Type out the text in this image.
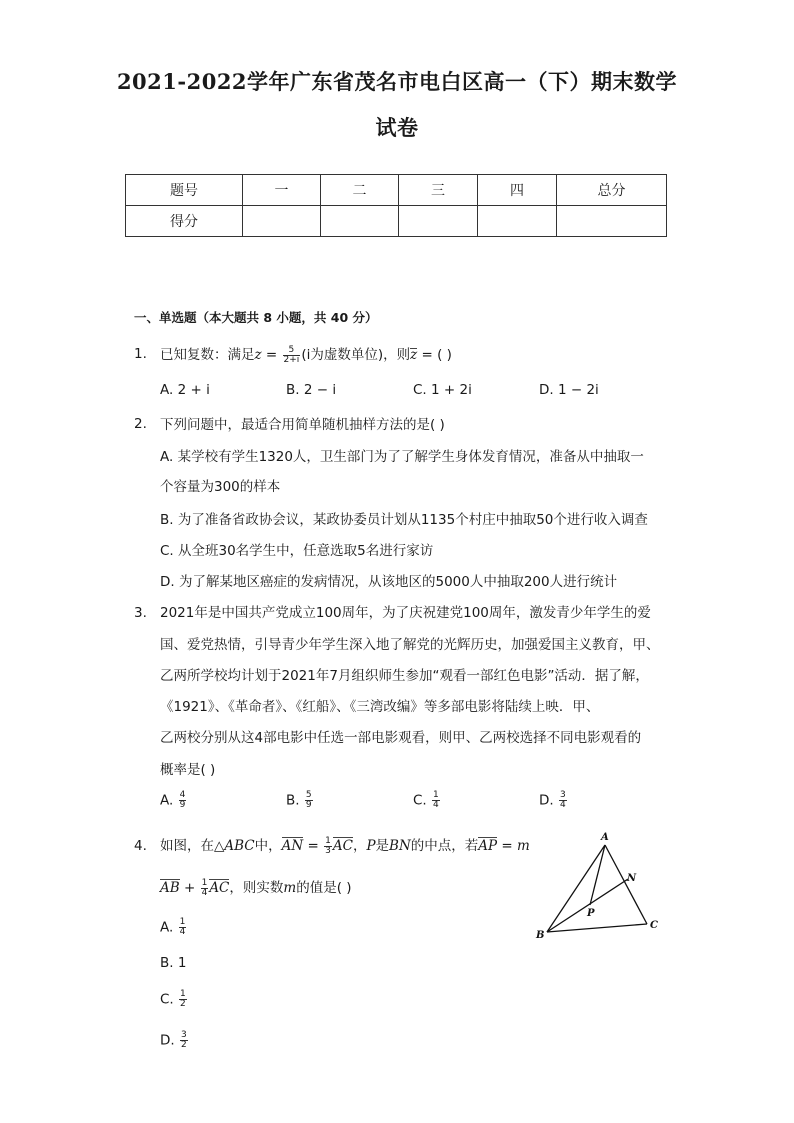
2021-2022学年广东省茂名市电白区高一（下）期末数学
试卷
题号	一	二	三	四	总分
得分					
一、单选题（本大题共 8 小题，共 40 分）
1. 已知复数：满足$z = \frac{5}{2+i} (i$为虚数单位)，则z = ( )
A. 2 + i	B. 2 − i	C. 1 + 2i	D. 1 − 2i
2. 下列问题中，最适合用简单随机抽样方法的是( )
A. 某学校有学生1320人，卫生部门为了了解学生身体发育情况，准备从中抽取一
个容量为300的样本
B. 为了准备省政协会议，某政协委员计划从1135个村庄中抽取50个进行收入调查
C. 从全班30名学生中，任意选取5名进行家访
D. 为了解某地区癌症的发病情况，从该地区的5000人中抽取200人进行统计
3. 2021年是中国共产党成立100周年，为了庆祝建党100周年，激发青少年学生的爱
国、爱党热情，引导青少年学生深入地了解党的光辉历史，加强爱国主义教育，甲、
乙两所学校均计划于2021年7月组织师生参加“观看一部红色电影”活动．据了解，
《1921》、《革命者》、《红船》、《三湾改编》等多部电影将陆续上映．甲、
乙两校分别从这4部电影中任选一部电影观看，则甲、乙两校选择不同电影观看的
概率是( )
A. $\frac{4}{9}$	B. $\frac{5}{9}$	C. $\frac{1}{4}$	D. $\frac{3}{4}$
4. 如图，在△ABC中，AN = $\frac{1}{3}$ AC，P是BN的中点，若AP = m
AB + $\frac{1}{4}$ AC，则实数m的值是( )
A. $\frac{1}{4}$
B. 1
C. $\frac{1}{2}$
D. $\frac{3}{2}$
A
B
C
N
P
